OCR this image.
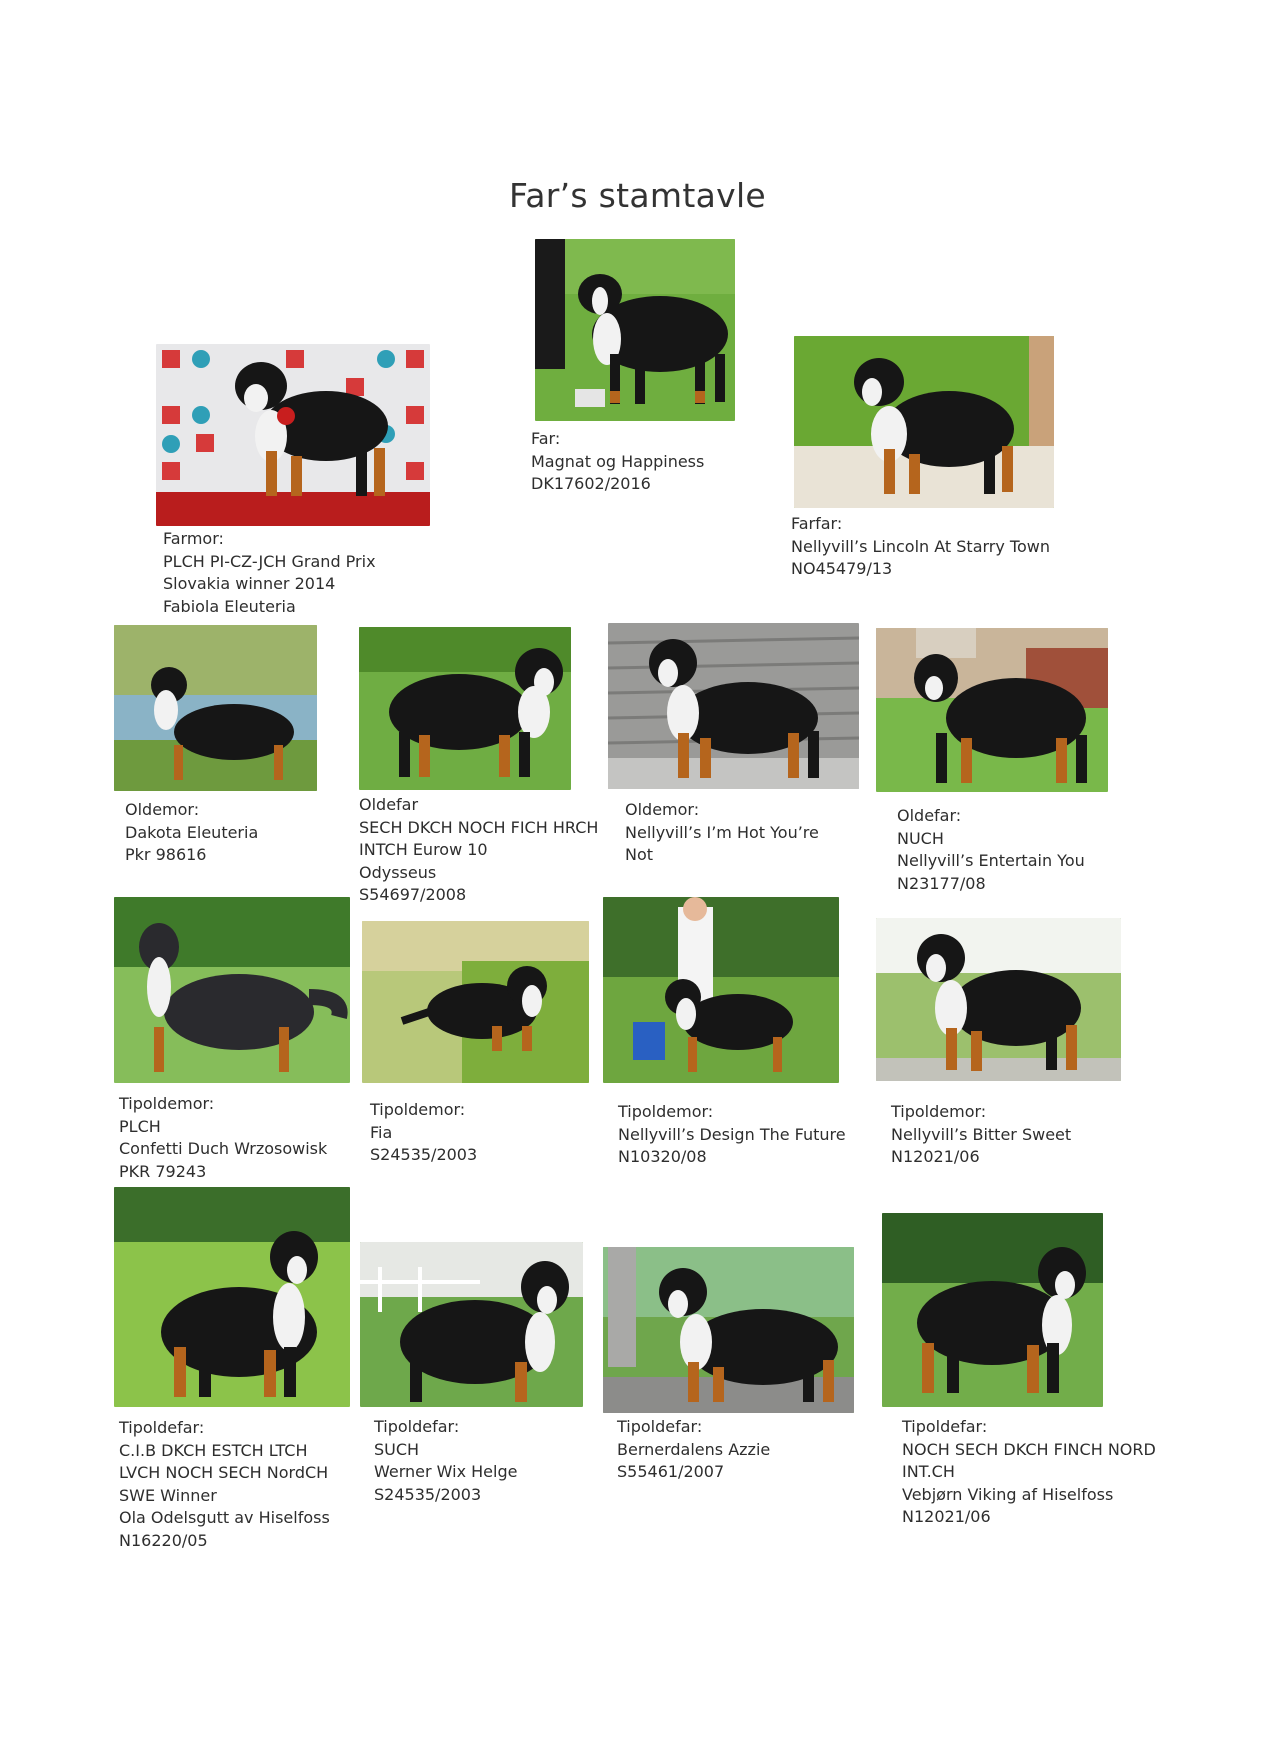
Far’s stamtavle
Far:
Magnat og Happiness
DK17602/2016
Farmor:
PLCH PI-CZ-JCH Grand Prix
Slovakia winner 2014
Fabiola Eleuteria
Farfar:
Nellyvill’s Lincoln At Starry Town
NO45479/13
Oldemor:
Dakota Eleuteria
Pkr 98616
Oldefar
SECH DKCH NOCH FICH HRCH
INTCH Eurow 10
Odysseus
S54697/2008
Oldemor:
Nellyvill’s I’m Hot You’re
Not
Oldefar:
NUCH
Nellyvill’s Entertain You
N23177/08
Tipoldemor:
PLCH
Confetti Duch Wrzosowisk
PKR 79243
Tipoldemor:
Fia
S24535/2003
Tipoldemor:
Nellyvill’s Design The Future
N10320/08
Tipoldemor:
Nellyvill’s Bitter Sweet
N12021/06
Tipoldefar:
C.I.B DKCH ESTCH LTCH
LVCH NOCH SECH NordCH
SWE Winner
Ola Odelsgutt av Hiselfoss
N16220/05
Tipoldefar:
SUCH
Werner Wix Helge
S24535/2003
Tipoldefar:
Bernerdalens Azzie
S55461/2007
Tipoldefar:
NOCH SECH DKCH FINCH NORD
INT.CH
Vebjørn Viking af Hiselfoss
N12021/06
